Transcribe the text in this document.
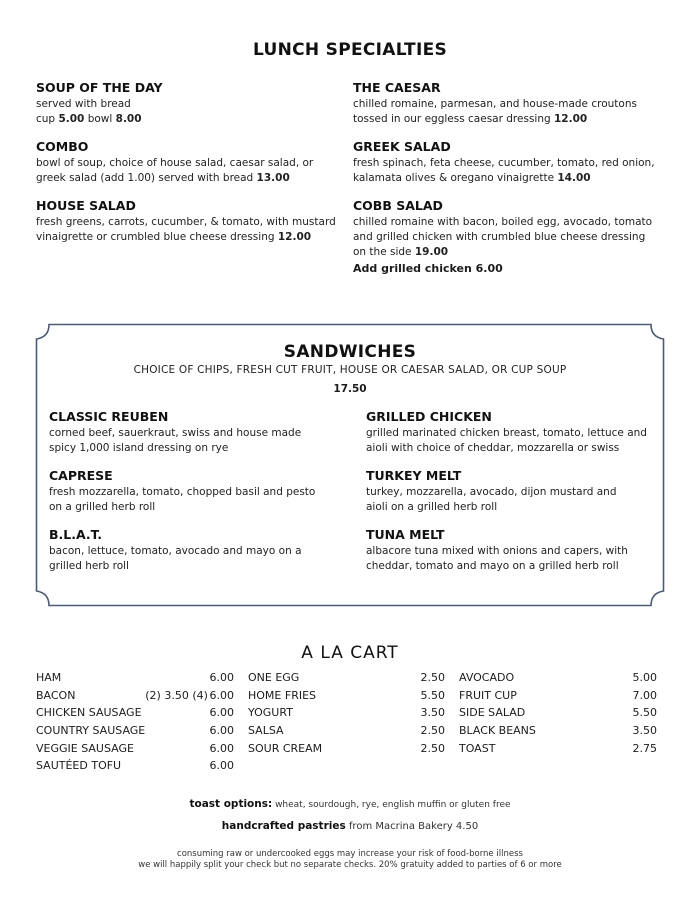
LUNCH SPECIALTIES
SOUP OF THE DAY
served with bread
cup 5.00 bowl 8.00
COMBO
bowl of soup, choice of house salad, caesar salad, or
greek salad (add 1.00) served with bread 13.00
HOUSE SALAD
fresh greens, carrots, cucumber, & tomato, with mustard
vinaigrette or crumbled blue cheese dressing 12.00
THE CAESAR
chilled romaine, parmesan, and house-made croutons
tossed in our eggless caesar dressing 12.00
GREEK SALAD
fresh spinach, feta cheese, cucumber, tomato, red onion,
kalamata olives & oregano vinaigrette 14.00
COBB SALAD
chilled romaine with bacon, boiled egg, avocado, tomato
and grilled chicken with crumbled blue cheese dressing
on the side 19.00
Add grilled chicken 6.00
SANDWICHES
CHOICE OF CHIPS, FRESH CUT FRUIT, HOUSE OR CAESAR SALAD, OR CUP SOUP
17.50
CLASSIC REUBEN
corned beef, sauerkraut, swiss and house made
spicy 1,000 island dressing on rye
CAPRESE
fresh mozzarella, tomato, chopped basil and pesto
on a grilled herb roll
B.L.A.T.
bacon, lettuce, tomato, avocado and mayo on a
grilled herb roll
GRILLED CHICKEN
grilled marinated chicken breast, tomato, lettuce and
aioli with choice of cheddar, mozzarella or swiss
TURKEY MELT
turkey, mozzarella, avocado, dijon mustard and
aioli on a grilled herb roll
TUNA MELT
albacore tuna mixed with onions and capers, with
cheddar, tomato and mayo on a grilled herb roll
A LA CART
HAM		6.00
BACON	(2) 3.50 (4)	6.00
CHICKEN SAUSAGE		6.00
COUNTRY SAUSAGE		6.00
VEGGIE SAUSAGE		6.00
SAUTÉED TOFU		6.00
ONE EGG	2.50
HOME FRIES	5.50
YOGURT	3.50
SALSA	2.50
SOUR CREAM	2.50
AVOCADO	5.00
FRUIT CUP	7.00
SIDE SALAD	5.50
BLACK BEANS	3.50
TOAST	2.75
toast options: wheat, sourdough, rye, english muffin or gluten free
handcrafted pastries from Macrina Bakery 4.50
consuming raw or undercooked eggs may increase your risk of food-borne illness
we will happily split your check but no separate checks. 20% gratuity added to parties of 6 or more
